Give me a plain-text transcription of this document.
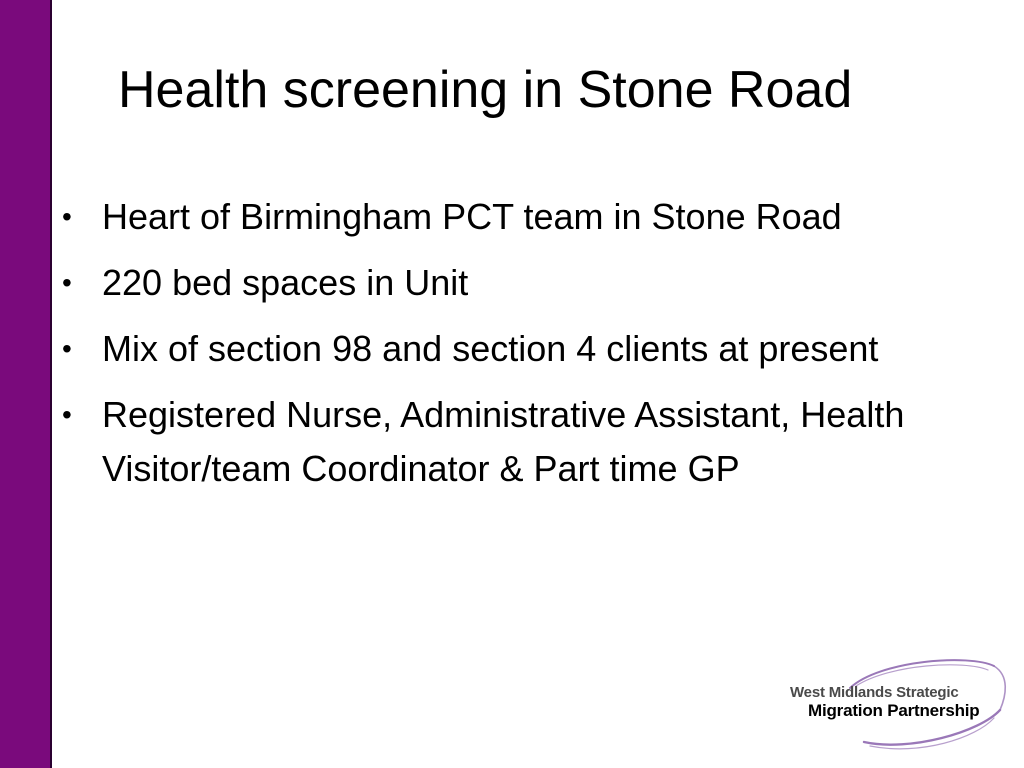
Health screening in Stone Road
• Heart of Birmingham PCT team in Stone Road
• 220 bed spaces in Unit
• Mix of section 98 and section 4 clients at present
• Registered Nurse, Administrative Assistant, Health Visitor/team Coordinator & Part time GP
West Midlands Strategic
Migration Partnership
